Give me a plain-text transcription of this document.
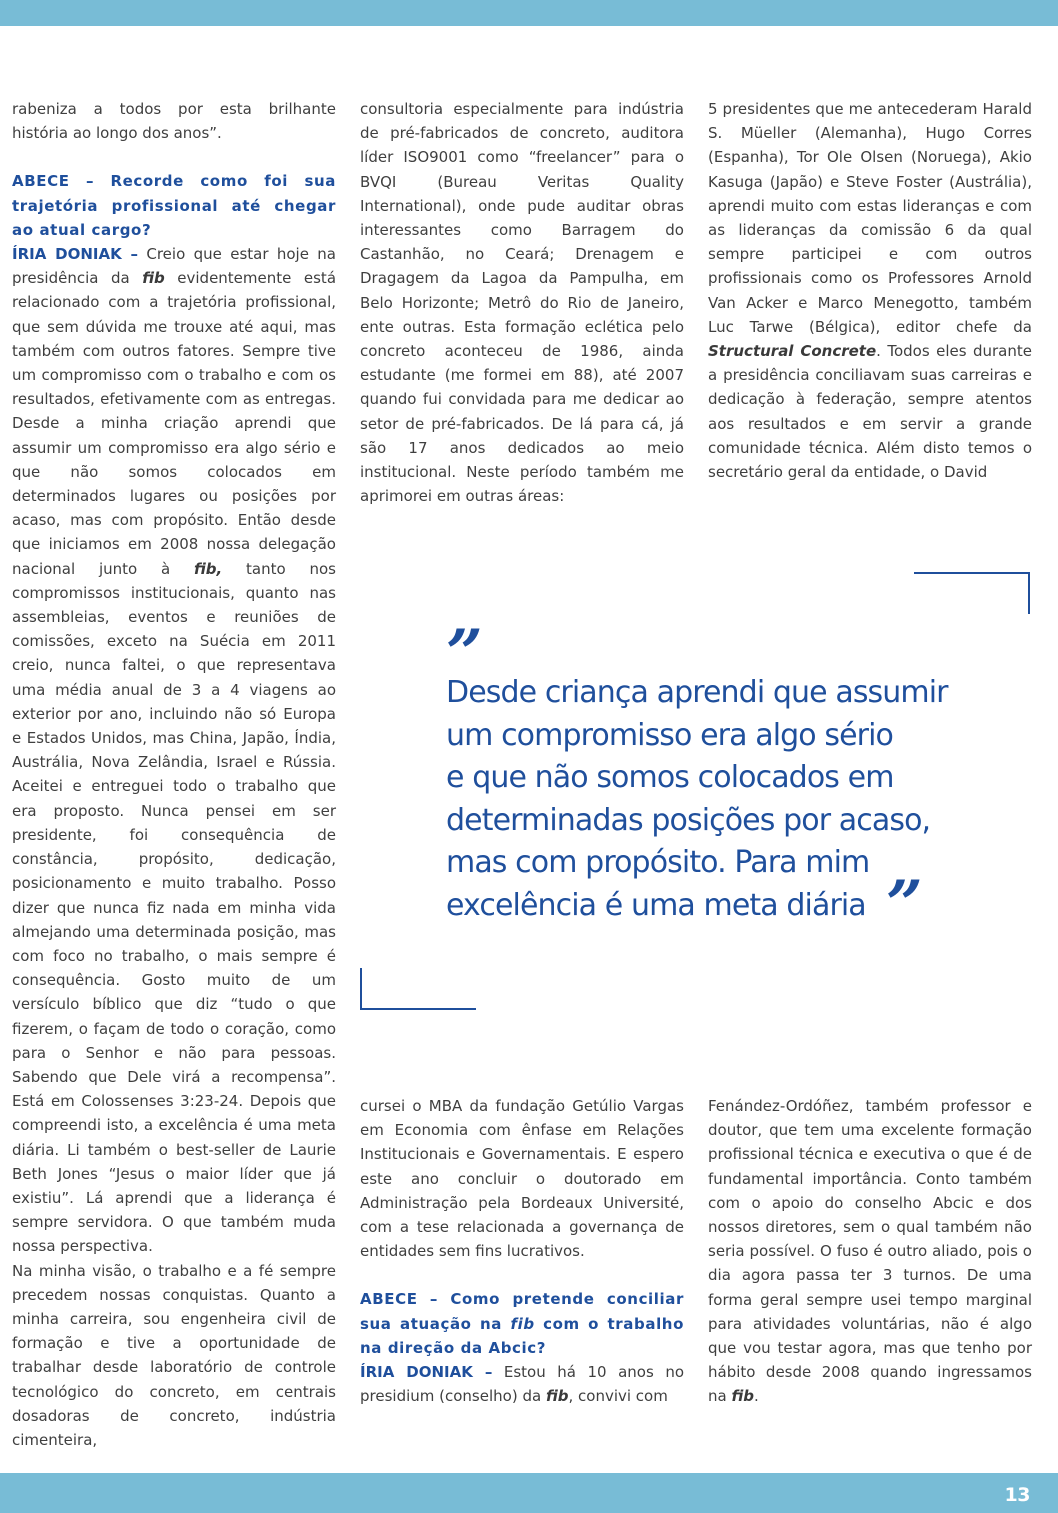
rabeniza a todos por esta brilhante história ao longo dos anos”.

ABECE – Recorde como foi sua trajetória profissional até chegar ao atual cargo?

ÍRIA DONIAK – Creio que estar hoje na presidência da fib evidentemente está relacionado com a trajetória profissional, que sem dúvida me trouxe até aqui, mas também com outros fatores. Sempre tive um compromisso com o trabalho e com os resultados, efetivamente com as entregas. Desde a minha criação aprendi que assumir um compromisso era algo sério e que não somos colocados em determinados lugares ou posições por acaso, mas com propósito. Então desde que iniciamos em 2008 nossa delegação nacional junto à fib, tanto nos compromissos institucionais, quanto nas assembleias, eventos e reuniões de comissões, exceto na Suécia em 2011 creio, nunca faltei, o que representava uma média anual de 3 a 4 viagens ao exterior por ano, incluindo não só Europa e Estados Unidos, mas China, Japão, Índia, Austrália, Nova Zelândia, Israel e Rússia. Aceitei e entreguei todo o trabalho que era proposto. Nunca pensei em ser presidente, foi consequência de constância, propósito, dedicação, posicionamento e muito trabalho. Posso dizer que nunca fiz nada em minha vida almejando uma determinada posição, mas com foco no trabalho, o mais sempre é consequência. Gosto muito de um versículo bíblico que diz “tudo o que fizerem, o façam de todo o coração, como para o Senhor e não para pessoas. Sabendo que Dele virá a recompensa”. Está em Colossenses 3:23-24. Depois que compreendi isto, a excelência é uma meta diária. Li também o best-seller de Laurie Beth Jones “Jesus o maior líder que já existiu”. Lá aprendi que a liderança é sempre servidora. O que também muda nossa perspectiva.

Na minha visão, o trabalho e a fé sempre precedem nossas conquistas. Quanto a minha carreira, sou engenheira civil de formação e tive a oportunidade de trabalhar desde laboratório de controle tecnológico do concreto, em centrais dosadoras de concreto, indústria cimenteira,

consultoria especialmente para indústria de pré-fabricados de concreto, auditora líder ISO9001 como “freelancer” para o BVQI (Bureau Veritas Quality International), onde pude auditar obras interessantes como Barragem do Castanhão, no Ceará; Drenagem e Dragagem da Lagoa da Pampulha, em Belo Horizonte; Metrô do Rio de Janeiro, ente outras. Esta formação eclética pelo concreto aconteceu de 1986, ainda estudante (me formei em 88), até 2007 quando fui convidada para me dedicar ao setor de pré-fabricados. De lá para cá, já são 17 anos dedicados ao meio institucional. Neste período também me aprimorei em outras áreas:

5 presidentes que me antecederam Harald S. Müeller (Alemanha), Hugo Corres (Espanha), Tor Ole Olsen (Noruega), Akio Kasuga (Japão) e Steve Foster (Austrália), aprendi muito com estas lideranças e com as lideranças da comissão 6 da qual sempre participei e com outros profissionais como os Professores Arnold Van Acker e Marco Menegotto, também Luc Tarwe (Bélgica), editor chefe da Structural Concrete. Todos eles durante a presidência conciliavam suas carreiras e dedicação à federação, sempre atentos aos resultados e em servir a grande comunidade técnica. Além disto temos o secretário geral da entidade, o David

”
Desde criança aprendi que assumir
um compromisso era algo sério
e que não somos colocados em
determinadas posições por acaso,
mas com propósito. Para mim
excelência é uma meta diária ”

cursei o MBA da fundação Getúlio Vargas em Economia com ênfase em Relações Institucionais e Governamentais. E espero este ano concluir o doutorado em Administração pela Bordeaux Université, com a tese relacionada a governança de entidades sem fins lucrativos.

ABECE – Como pretende conciliar sua atuação na fib com o trabalho na direção da Abcic?

ÍRIA DONIAK – Estou há 10 anos no presidium (conselho) da fib, convivi com

Fenández-Ordóñez, também professor e doutor, que tem uma excelente formação profissional técnica e executiva o que é de fundamental importância. Conto também com o apoio do conselho Abcic e dos nossos diretores, sem o qual também não seria possível. O fuso é outro aliado, pois o dia agora passa ter 3 turnos. De uma forma geral sempre usei tempo marginal para atividades voluntárias, não é algo que vou testar agora, mas que tenho por hábito desde 2008 quando ingressamos na fib.

13
